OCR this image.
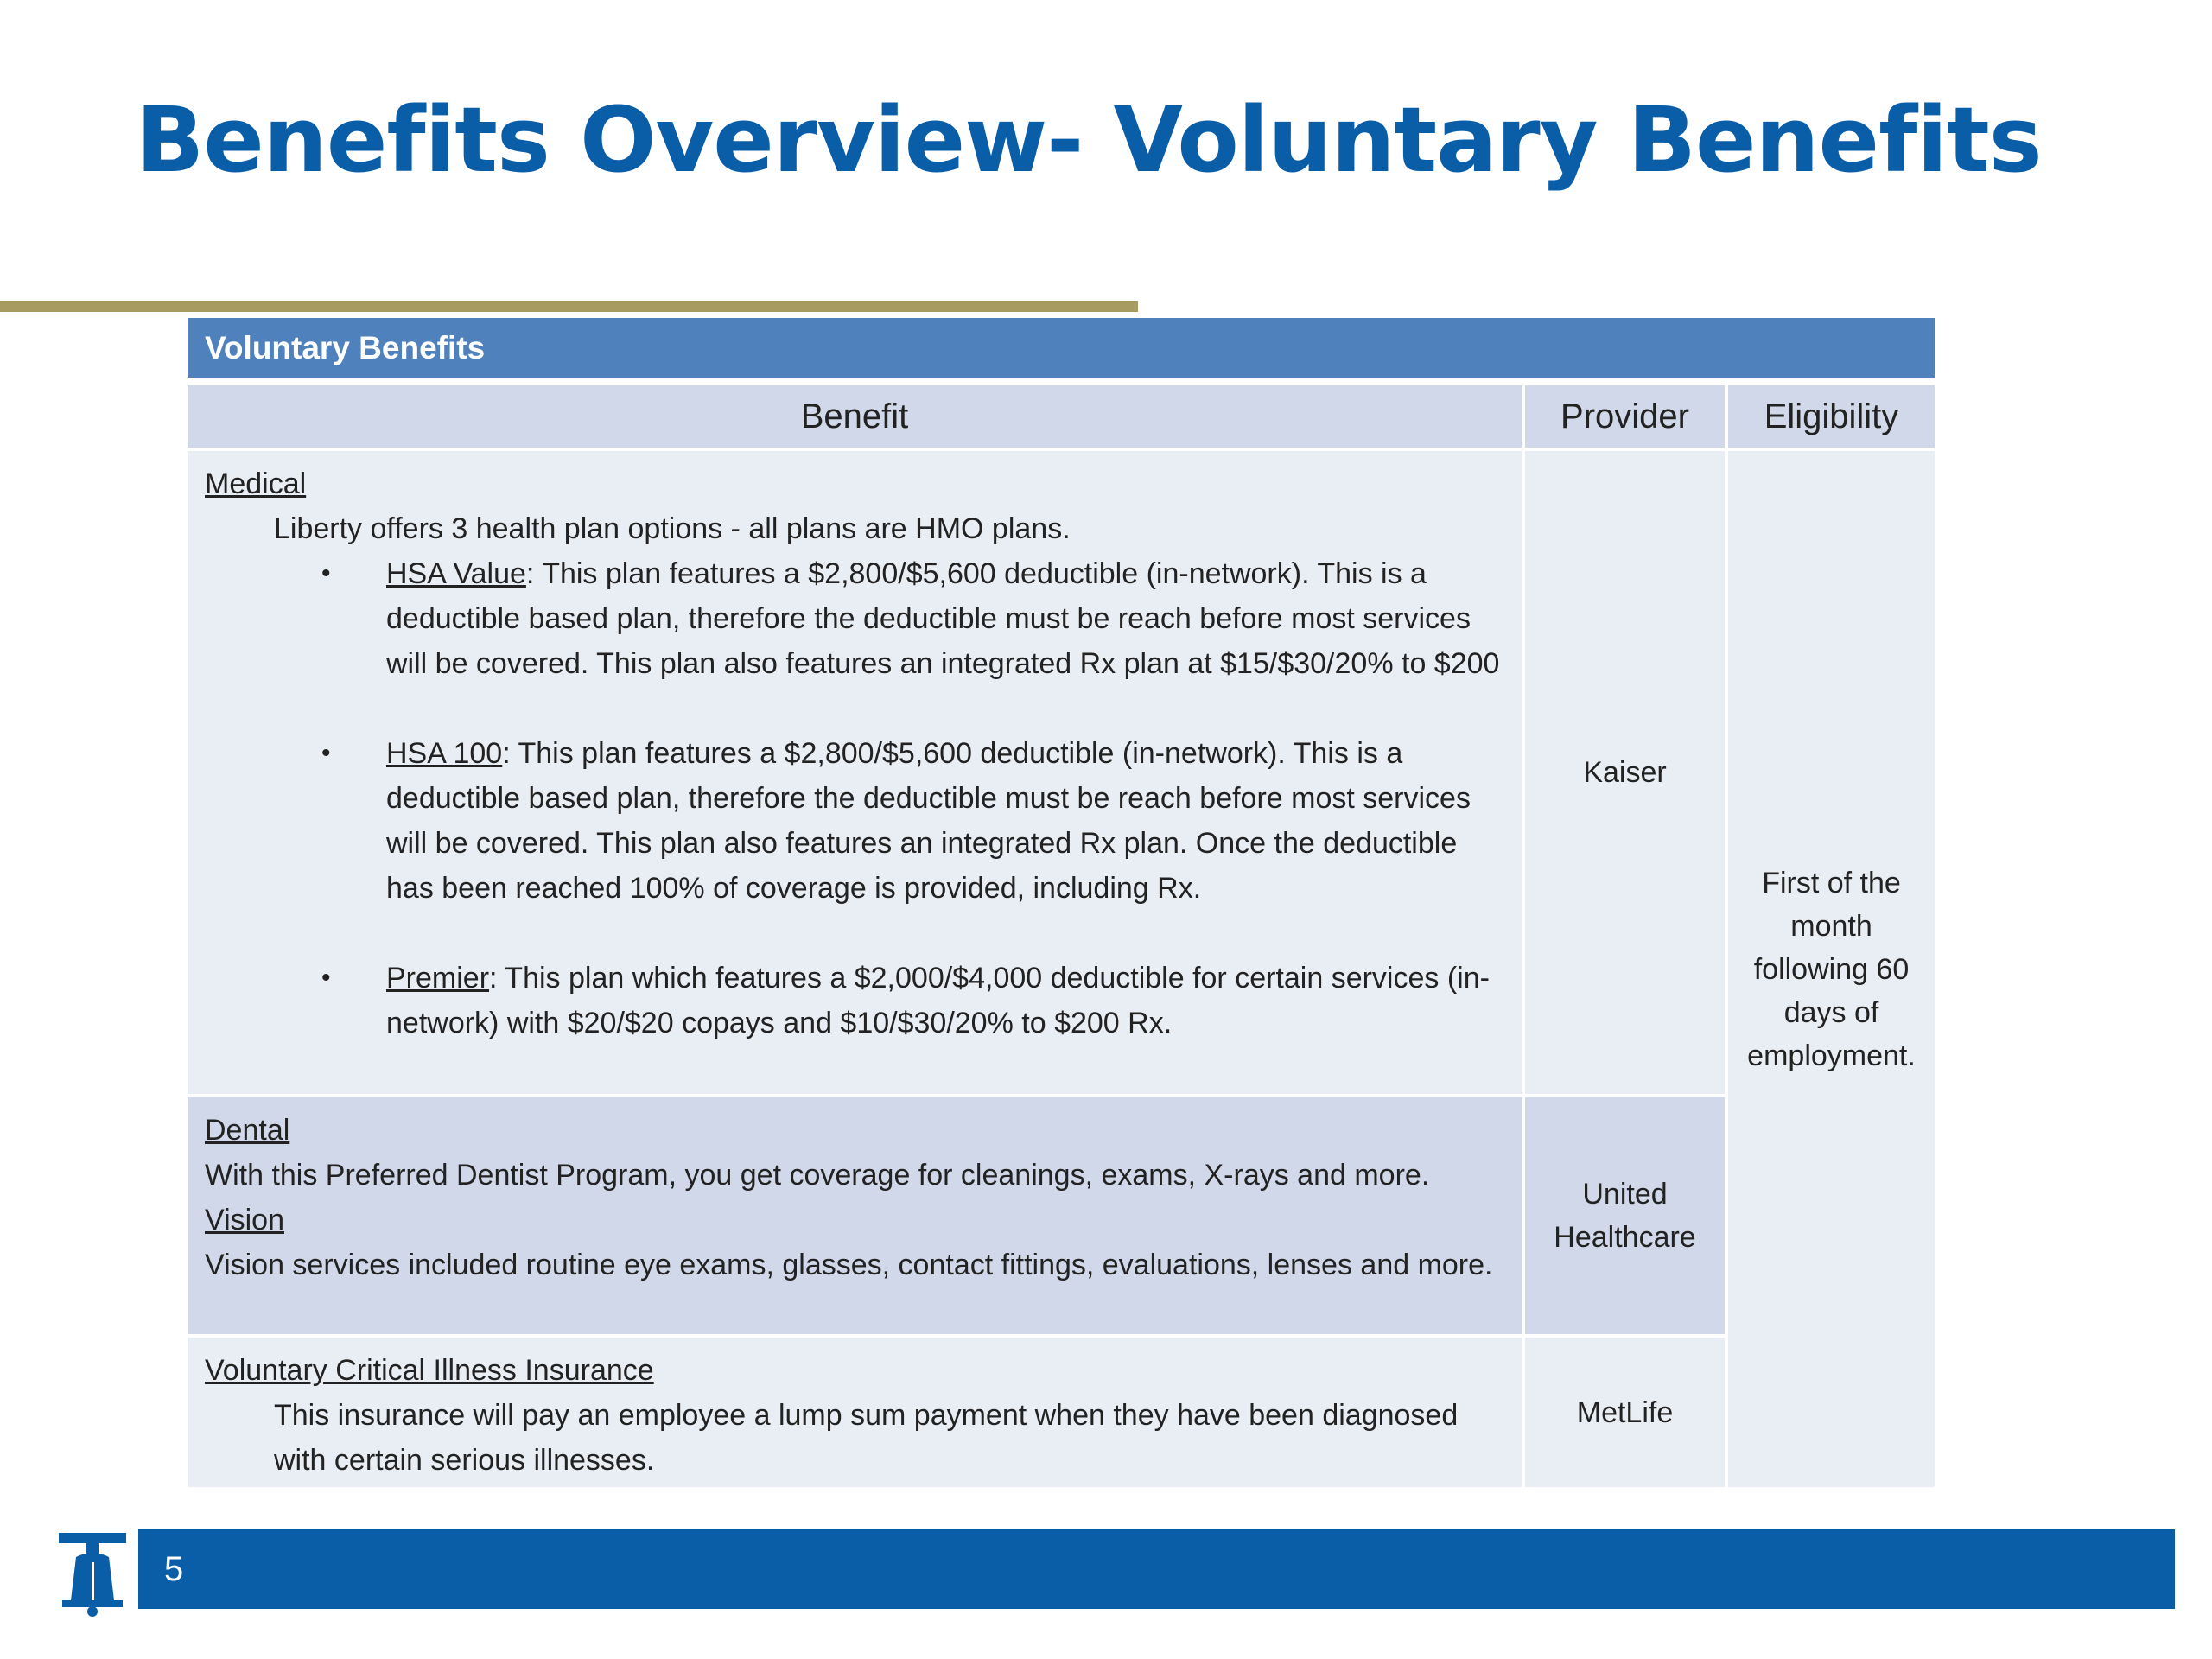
Benefits Overview- Voluntary Benefits
Voluntary Benefits
Benefit	Provider	Eligibility
Medical
Liberty offers 3 health plan options - all plans are HMO plans.
• HSA Value: This plan features a $2,800/$5,600 deductible (in-network). This is a deductible based plan, therefore the deductible must be reach before most services will be covered. This plan also features an integrated Rx plan at $15/$30/20% to $200
• HSA 100: This plan features a $2,800/$5,600 deductible (in-network). This is a deductible based plan, therefore the deductible must be reach before most services will be covered. This plan also features an integrated Rx plan. Once the deductible has been reached 100% of coverage is provided, including Rx.
• Premier: This plan which features a $2,000/$4,000 deductible for certain services (in-network) with $20/$20 copays and $10/$30/20% to $200 Rx.
Kaiser
First of the month following 60 days of employment.
Dental
With this Preferred Dentist Program, you get coverage for cleanings, exams, X-rays and more.
Vision
Vision services included routine eye exams, glasses, contact fittings, evaluations, lenses and more.
United Healthcare
Voluntary Critical Illness Insurance
This insurance will pay an employee a lump sum payment when they have been diagnosed with certain serious illnesses.
MetLife
5
